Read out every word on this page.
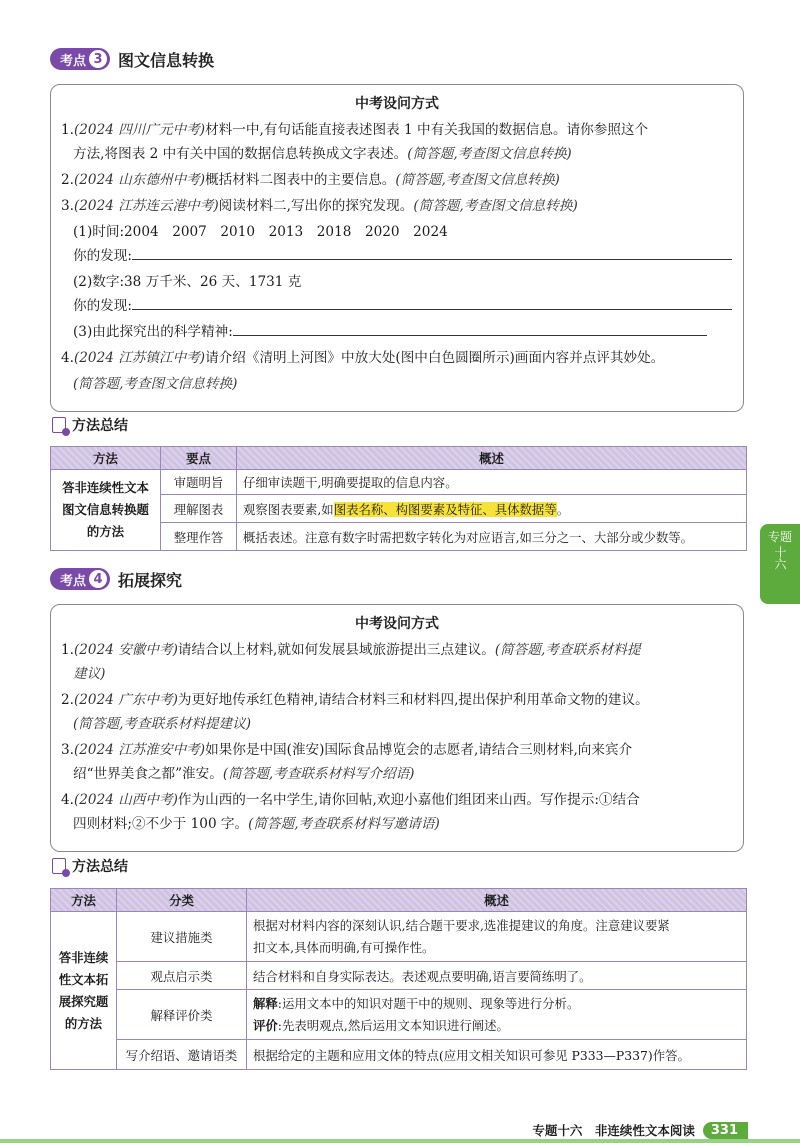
考点 3 图文信息转换
中考设问方式
1.(2024 四川广元中考)材料一中,有句话能直接表述图表 1 中有关我国的数据信息。请你参照这个
方法,将图表 2 中有关中国的数据信息转换成文字表述。(简答题,考查图文信息转换)
2.(2024 山东德州中考)概括材料二图表中的主要信息。(简答题,考查图文信息转换)
3.(2024 江苏连云港中考)阅读材料二,写出你的探究发现。(简答题,考查图文信息转换)
(1)时间:2004　2007　2010　2013　2018　2020　2024
你的发现:
(2)数字:38 万千米、26 天、1731 克
你的发现:
(3)由此探究出的科学精神:
4.(2024 江苏镇江中考)请介绍《清明上河图》中放大处(图中白色圆圈所示)画面内容并点评其妙处。
(简答题,考查图文信息转换)
方法总结
方法	要点	概述
答非连续性文本图文信息转换题的方法	审题明旨	仔细审读题干,明确要提取的信息内容。
	理解图表	观察图表要素,如图表名称、构图要素及特征、具体数据等。
	整理作答	概括表述。注意有数字时需把数字转化为对应语言,如三分之一、大部分或少数等。
考点 4 拓展探究
中考设问方式
1.(2024 安徽中考)请结合以上材料,就如何发展县域旅游提出三点建议。(简答题,考查联系材料提
建议)
2.(2024 广东中考)为更好地传承红色精神,请结合材料三和材料四,提出保护利用革命文物的建议。
(简答题,考查联系材料提建议)
3.(2024 江苏淮安中考)如果你是中国(淮安)国际食品博览会的志愿者,请结合三则材料,向来宾介
绍“世界美食之都”淮安。(简答题,考查联系材料写介绍语)
4.(2024 山西中考)作为山西的一名中学生,请你回帖,欢迎小嘉他们组团来山西。写作提示:①结合
四则材料;②不少于 100 字。(简答题,考查联系材料写邀请语)
方法总结
方法	分类	概述
答非连续性文本拓展探究题的方法	建议措施类	根据对材料内容的深刻认识,结合题干要求,选准提建议的角度。注意建议要紧
扣文本,具体而明确,有可操作性。

	观点启示类	结合材料和自身实际表达。表述观点要明确,语言要简练明了。
	解释评价类	解释:运用文本中的知识对题干中的规则、现象等进行分析。
评价:先表明观点,然后运用文本知识进行阐述。

	写介绍语、邀请语类	根据给定的主题和应用文体的特点(应用文相关知识可参见 P333—P337)作答。
专题
十六
专题十六　非连续性文本阅读	331
